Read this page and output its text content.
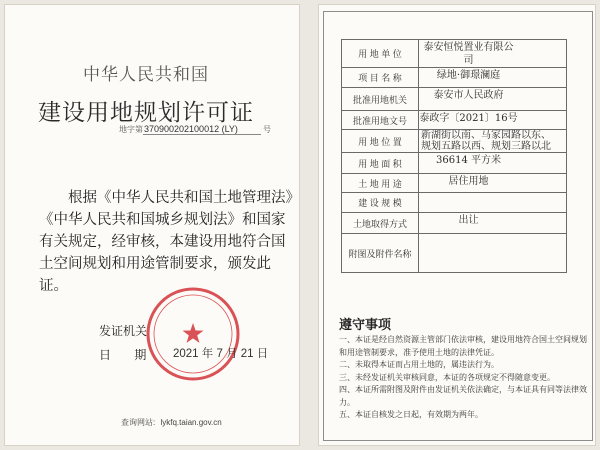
中华人民共和国
建设用地规划许可证
地字第 370900202100012 (LY)	号

根据《中华人民共和国土地管理法》《中华人民共和国城乡规划法》和国家有关规定，经审核，本建设用地符合国土空间规划和用途管制要求，颁发此证。

发证机关
日 期 2021 年 7 月 21 日
查询网站: lykfq.taian.gov.cn
用 地 单 位	泰安恒悦置业有限公司
项 目 名 称	绿地·御璟澜庭
批准用地机关	泰安市人民政府
批准用地文号	泰政字〔2021〕16号
用 地 位 置	新湖街以南、马家园路以东、规划五路以西、规划三路以北
用 地 面 积	36614 平方米
土 地 用 途	居住用地
建 设 规 模	
土地取得方式	出让
附图及附件名称	
遵守事项
一、本证是经自然资源主管部门依法审核，建设用地符合国土空间规划和用途管制要求，准予使用土地的法律凭证。
二、未取得本证而占用土地的，属违法行为。
三、未经发证机关审核同意，本证的各项规定不得随意变更。
四、本证所需附图及附件由发证机关依法确定，与本证具有同等法律效力。
五、本证自核发之日起，有效期为两年。
